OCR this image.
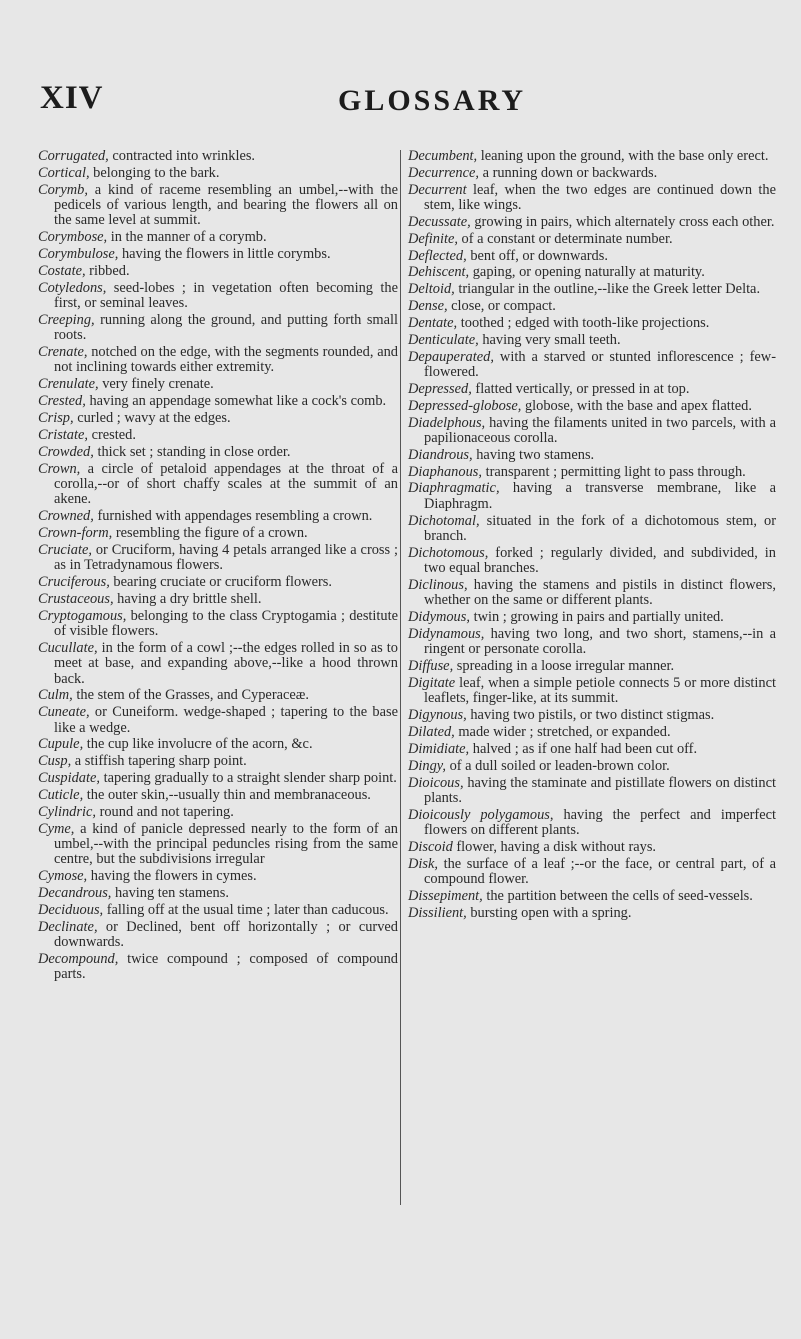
XIV	GLOSSARY

Corrugated, contracted into wrinkles.

Cortical, belonging to the bark.

Corymb, a kind of raceme resembling an umbel,--with the pedicels of various length, and bearing the flowers all on the same level at summit.

Corymbose, in the manner of a corymb.

Corymbulose, having the flowers in little corymbs.

Costate, ribbed.

Cotyledons, seed-lobes ; in vegetation often becoming the first, or seminal leaves.

Creeping, running along the ground, and putting forth small roots.

Crenate, notched on the edge, with the segments rounded, and not inclining towards either extremity.

Crenulate, very finely crenate.

Crested, having an appendage somewhat like a cock's comb.

Crisp, curled ; wavy at the edges.

Cristate, crested.

Crowded, thick set ; standing in close order.

Crown, a circle of petaloid appendages at the throat of a corolla,--or of short chaffy scales at the summit of an akene.

Crowned, furnished with appendages resembling a crown.

Crown-form, resembling the figure of a crown.

Cruciate, or Cruciform, having 4 petals arranged like a cross ; as in Tetradynamous flowers.

Cruciferous, bearing cruciate or cruciform flowers.

Crustaceous, having a dry brittle shell.

Cryptogamous, belonging to the class Cryptogamia ; destitute of visible flowers.

Cucullate, in the form of a cowl ;--the edges rolled in so as to meet at base, and expanding above,--like a hood thrown back.

Culm, the stem of the Grasses, and Cyperaceæ.

Cuneate, or Cuneiform. wedge-shaped ; tapering to the base like a wedge.

Cupule, the cup like involucre of the acorn, &c.

Cusp, a stiffish tapering sharp point.

Cuspidate, tapering gradually to a straight slender sharp point.

Cuticle, the outer skin,--usually thin and membranaceous.

Cylindric, round and not tapering.

Cyme, a kind of panicle depressed nearly to the form of an umbel,--with the principal peduncles rising from the same centre, but the subdivisions irregular

Cymose, having the flowers in cymes.

Decandrous, having ten stamens.

Deciduous, falling off at the usual time ; later than caducous.

Declinate, or Declined, bent off horizontally ; or curved downwards.

Decompound, twice compound ; composed of compound parts.

Decumbent, leaning upon the ground, with the base only erect.

Decurrence, a running down or backwards.

Decurrent leaf, when the two edges are continued down the stem, like wings.

Decussate, growing in pairs, which alternately cross each other.

Definite, of a constant or determinate number.

Deflected, bent off, or downwards.

Dehiscent, gaping, or opening naturally at maturity.

Deltoid, triangular in the outline,--like the Greek letter Delta.

Dense, close, or compact.

Dentate, toothed ; edged with tooth-like projections.

Denticulate, having very small teeth.

Depauperated, with a starved or stunted inflorescence ; few-flowered.

Depressed, flatted vertically, or pressed in at top.

Depressed-globose, globose, with the base and apex flatted.

Diadelphous, having the filaments united in two parcels, with a papilionaceous corolla.

Diandrous, having two stamens.

Diaphanous, transparent ; permitting light to pass through.

Diaphragmatic, having a transverse membrane, like a Diaphragm.

Dichotomal, situated in the fork of a dichotomous stem, or branch.

Dichotomous, forked ; regularly divided, and subdivided, in two equal branches.

Diclinous, having the stamens and pistils in distinct flowers, whether on the same or different plants.

Didymous, twin ; growing in pairs and partially united.

Didynamous, having two long, and two short, stamens,--in a ringent or personate corolla.

Diffuse, spreading in a loose irregular manner.

Digitate leaf, when a simple petiole connects 5 or more distinct leaflets, finger-like, at its summit.

Digynous, having two pistils, or two distinct stigmas.

Dilated, made wider ; stretched, or expanded.

Dimidiate, halved ; as if one half had been cut off.

Dingy, of a dull soiled or leaden-brown color.

Dioicous, having the staminate and pistillate flowers on distinct plants.

Dioicously polygamous, having the perfect and imperfect flowers on different plants.

Discoid flower, having a disk without rays.

Disk, the surface of a leaf ;--or the face, or central part, of a compound flower.

Dissepiment, the partition between the cells of seed-vessels.

Dissilient, bursting open with a spring.
